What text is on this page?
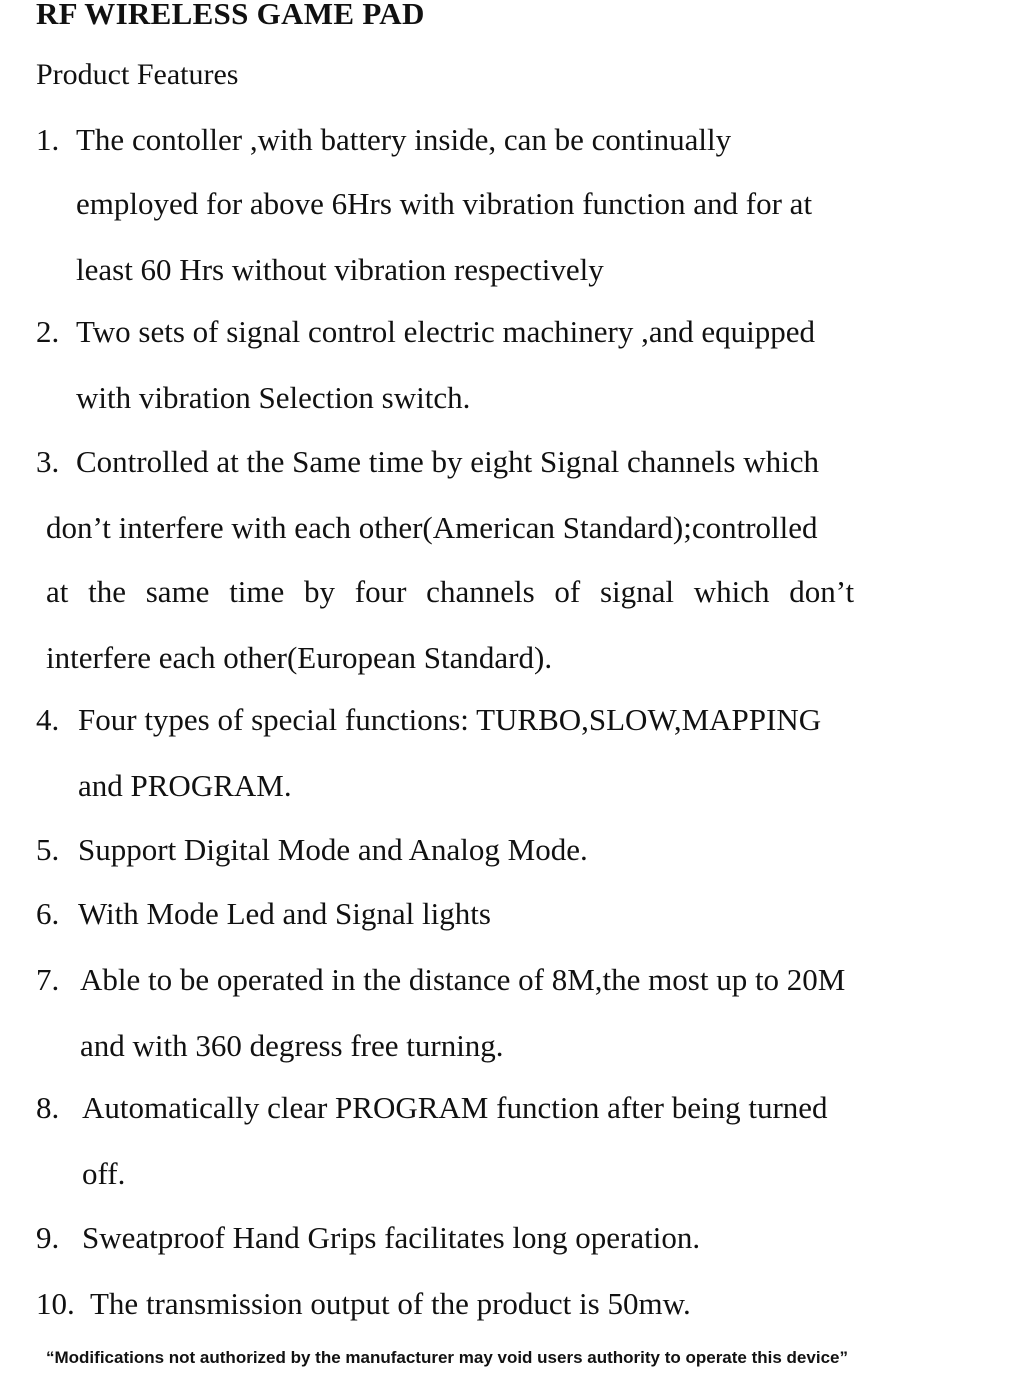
RF WIRELESS GAME PAD

Product Features

1. The contoller ,with battery inside, can be continually
employed for above 6Hrs with vibration function and for at
least 60 Hrs without vibration respectively
2. Two sets of signal control electric machinery ,and equipped
with vibration Selection switch.
3. Controlled at the Same time by eight Signal channels which
don’t interfere with each other(American Standard);controlled
at the same time by four channels of signal which don’t
interfere each other(European Standard).
4. Four types of special functions: TURBO,SLOW,MAPPING
and PROGRAM.
5. Support Digital Mode and Analog Mode.
6. With Mode Led and Signal lights
7. Able to be operated in the distance of 8M,the most up to 20M
and with 360 degress free turning.
8. Automatically clear PROGRAM function after being turned
off.
9. Sweatproof Hand Grips facilitates long operation.
10. The transmission output of the product is 50mw.

“Modifications not authorized by the manufacturer may void users authority to operate this device”
